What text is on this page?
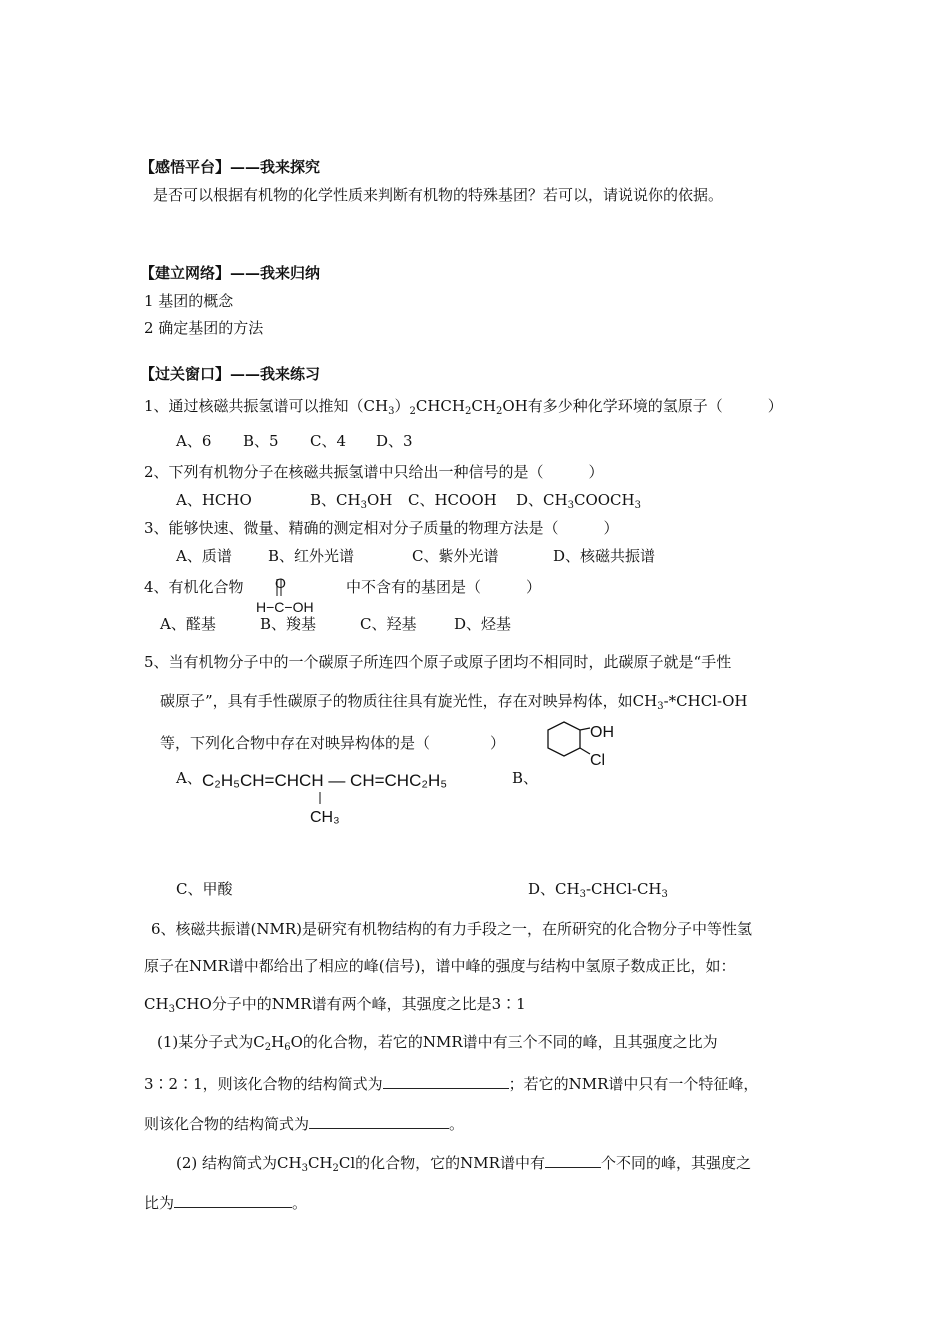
【感悟平台】——我来探究
是否可以根据有机物的化学性质来判断有机物的特殊基团？若可以，请说说你的依据。
【建立网络】——我来归纳
1 基团的概念
2 确定基团的方法
【过关窗口】——我来练习
1、通过核磁共振氢谱可以推知$(CH_3)_2CHCH_2CH_2OH$有多少种化学环境的氢原子（　　　）
A、6 B、5 C、4 D、3
2、下列有机物分子在核磁共振氢谱中只给出一种信号的是（　　　）
A、HCHO	B、$CH_3OH$ C、HCOOH D、$CH_3COOCH_3$
3、能够快速、微量、精确的测定相对分子质量的物理方法是（　　　）
A、质谱 B、红外光谱	C、紫外光谱	D、核磁共振谱
4、有机化合物	中不含有的基团是（　　　）
O
H−C−OH
A、醛基	B、羧基	C、羟基	D、烃基
5、当有机物分子中的一个碳原子所连四个原子或原子团均不相同时，此碳原子就是“手性
碳原子”，具有手性碳原子的物质往往具有旋光性，存在对映异构体，如$CH_3-*CHCl-OH$
等，下列化合物中存在对映异构体的是（　　　　）
OH
Cl
A、 C₂H₅CH=CHCH — CH=CHC₂H₅
CH₃
B、
C、甲酸	D、$CH_3-CHCl-CH_3$
6、核磁共振谱(NMR)是研究有机物结构的有力手段之一，在所研究的化合物分子中等性氢
原子在NMR谱中都给出了相应的峰(信号)，谱中峰的强度与结构中氢原子数成正比，如：
$CH_3CHO$分子中的NMR谱有两个峰，其强度之比是3∶1
(1)某分子式为$C_2H_6O$的化合物，若它的NMR谱中有三个不同的峰，且其强度之比为
3∶2∶1，则该化合物的结构简式为	；若它的NMR谱中只有一个特征峰，
则该化合物的结构简式为	。
(2) 结构简式为$CH_3CH_2Cl$的化合物，它的NMR谱中有	个不同的峰，其强度之
比为	。
